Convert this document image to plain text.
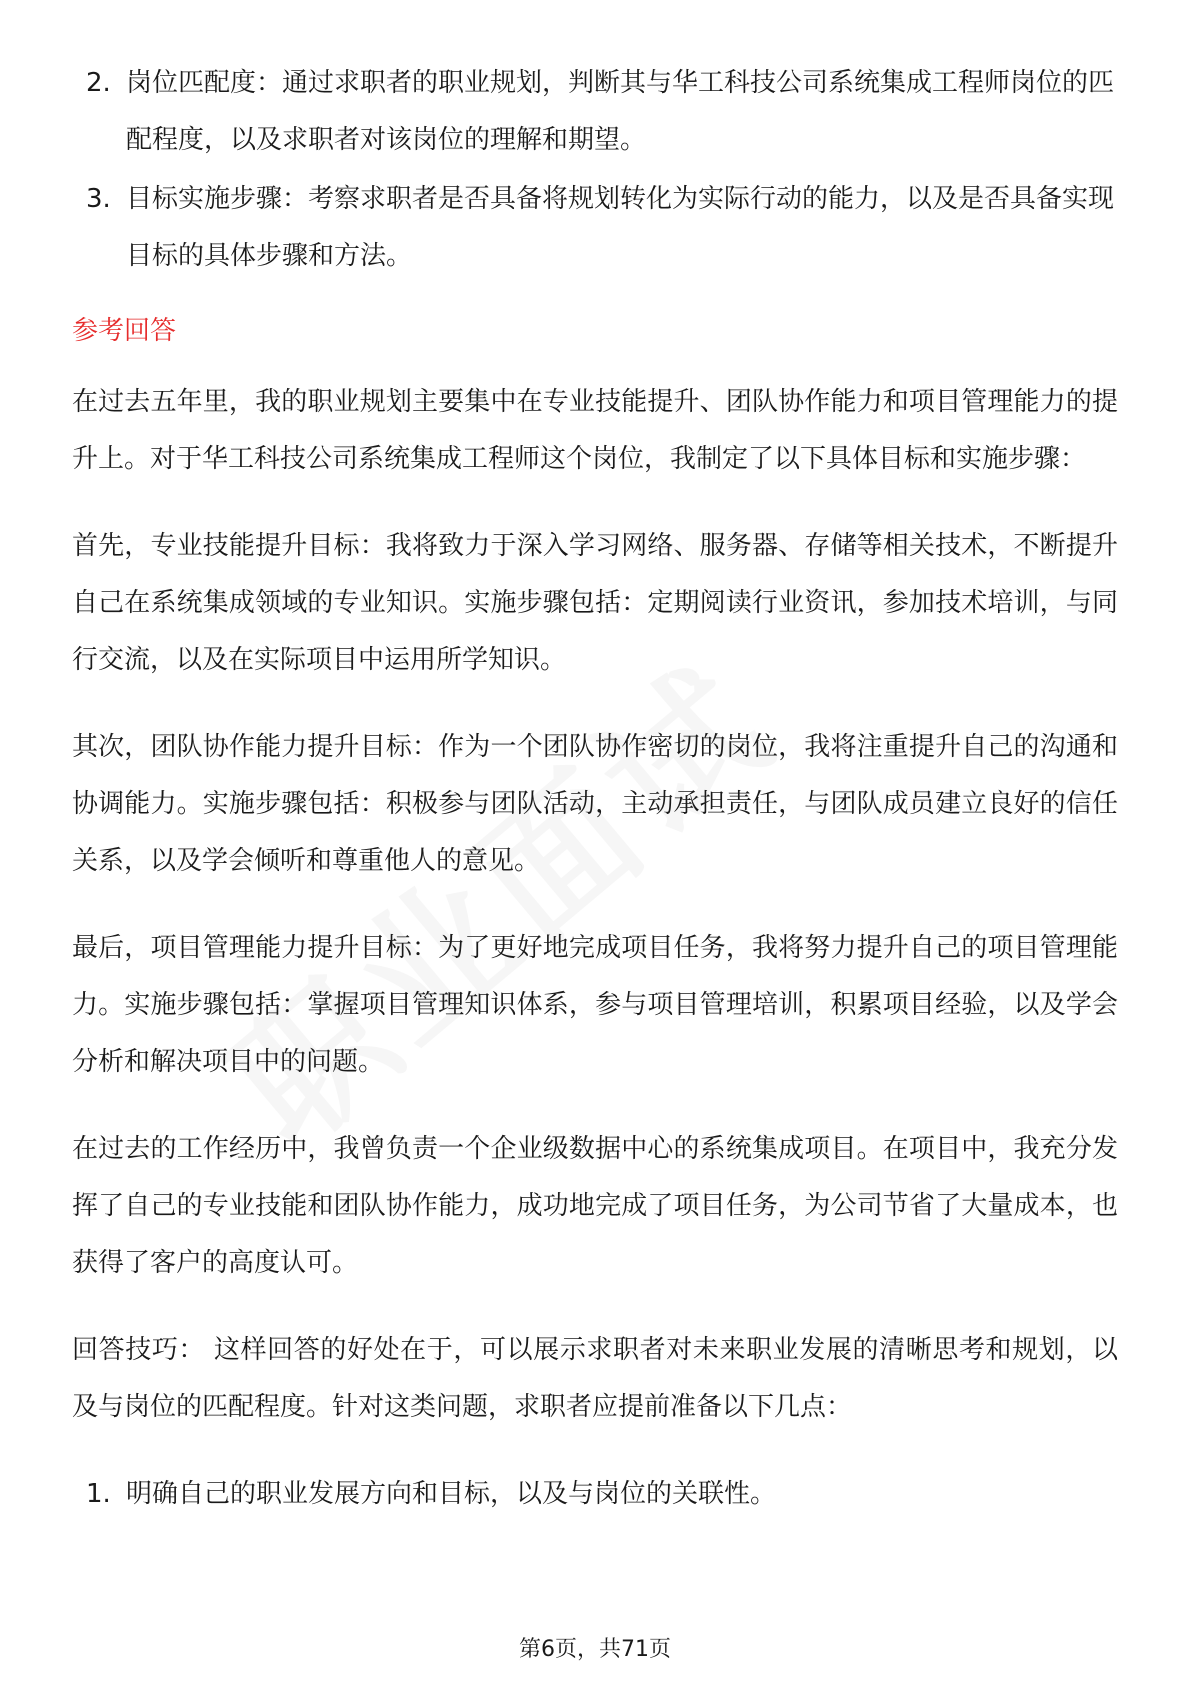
2. 岗位匹配度：通过求职者的职业规划，判断其与华工科技公司系统集成工程师岗位的匹配程度，以及求职者对该岗位的理解和期望。
3. 目标实施步骤：考察求职者是否具备将规划转化为实际行动的能力，以及是否具备实现目标的具体步骤和方法。
参考回答

在过去五年里，我的职业规划主要集中在专业技能提升、团队协作能力和项目管理能力的提升上。对于华工科技公司系统集成工程师这个岗位，我制定了以下具体目标和实施步骤：

首先，专业技能提升目标：我将致力于深入学习网络、服务器、存储等相关技术，不断提升自己在系统集成领域的专业知识。实施步骤包括：定期阅读行业资讯，参加技术培训，与同行交流，以及在实际项目中运用所学知识。

其次，团队协作能力提升目标：作为一个团队协作密切的岗位，我将注重提升自己的沟通和协调能力。实施步骤包括：积极参与团队活动，主动承担责任，与团队成员建立良好的信任关系，以及学会倾听和尊重他人的意见。

最后，项目管理能力提升目标：为了更好地完成项目任务，我将努力提升自己的项目管理能力。实施步骤包括：掌握项目管理知识体系，参与项目管理培训，积累项目经验，以及学会分析和解决项目中的问题。

在过去的工作经历中，我曾负责一个企业级数据中心的系统集成项目。在项目中，我充分发挥了自己的专业技能和团队协作能力，成功地完成了项目任务，为公司节省了大量成本，也获得了客户的高度认可。

回答技巧： 这样回答的好处在于，可以展示求职者对未来职业发展的清晰思考和规划，以及与岗位的匹配程度。针对这类问题，求职者应提前准备以下几点：

1. 明确自己的职业发展方向和目标，以及与岗位的关联性。
第6页，共71页
